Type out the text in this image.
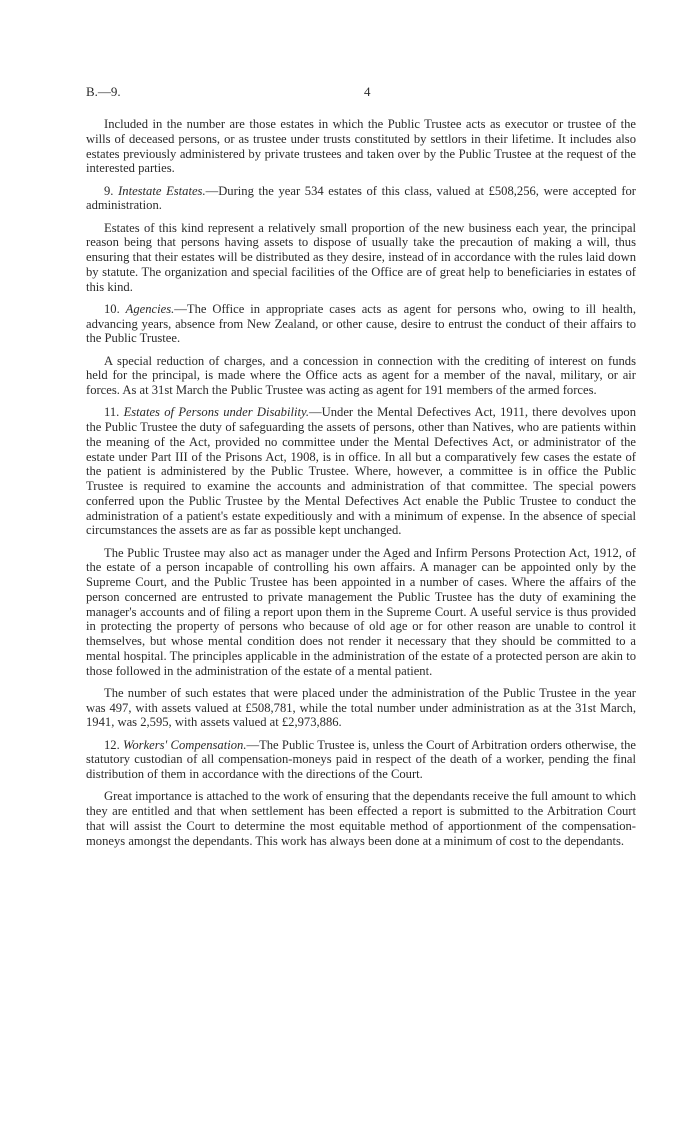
B.—9.	4

Included in the number are those estates in which the Public Trustee acts as executor or trustee of the wills of deceased persons, or as trustee under trusts constituted by settlors in their lifetime. It includes also estates previously administered by private trustees and taken over by the Public Trustee at the request of the interested parties.

9. Intestate Estates.—During the year 534 estates of this class, valued at £508,256, were accepted for administration.

Estates of this kind represent a relatively small proportion of the new business each year, the principal reason being that persons having assets to dispose of usually take the precaution of making a will, thus ensuring that their estates will be distributed as they desire, instead of in accordance with the rules laid down by statute. The organization and special facilities of the Office are of great help to beneficiaries in estates of this kind.

10. Agencies.—The Office in appropriate cases acts as agent for persons who, owing to ill health, advancing years, absence from New Zealand, or other cause, desire to entrust the conduct of their affairs to the Public Trustee.

A special reduction of charges, and a concession in connection with the crediting of interest on funds held for the principal, is made where the Office acts as agent for a member of the naval, military, or air forces. As at 31st March the Public Trustee was acting as agent for 191 members of the armed forces.

11. Estates of Persons under Disability.—Under the Mental Defectives Act, 1911, there devolves upon the Public Trustee the duty of safeguarding the assets of persons, other than Natives, who are patients within the meaning of the Act, provided no committee under the Mental Defectives Act, or administrator of the estate under Part III of the Prisons Act, 1908, is in office. In all but a comparatively few cases the estate of the patient is administered by the Public Trustee. Where, however, a committee is in office the Public Trustee is required to examine the accounts and administration of that committee. The special powers conferred upon the Public Trustee by the Mental Defectives Act enable the Public Trustee to conduct the administration of a patient's estate expeditiously and with a minimum of expense. In the absence of special circumstances the assets are as far as possible kept unchanged.

The Public Trustee may also act as manager under the Aged and Infirm Persons Protection Act, 1912, of the estate of a person incapable of controlling his own affairs. A manager can be appointed only by the Supreme Court, and the Public Trustee has been appointed in a number of cases. Where the affairs of the person concerned are entrusted to private management the Public Trustee has the duty of examining the manager's accounts and of filing a report upon them in the Supreme Court. A useful service is thus provided in protecting the property of persons who because of old age or for other reason are unable to control it themselves, but whose mental condition does not render it necessary that they should be committed to a mental hospital. The principles applicable in the administration of the estate of a protected person are akin to those followed in the administration of the estate of a mental patient.

The number of such estates that were placed under the administration of the Public Trustee in the year was 497, with assets valued at £508,781, while the total number under administration as at the 31st March, 1941, was 2,595, with assets valued at £2,973,886.

12. Workers' Compensation.—The Public Trustee is, unless the Court of Arbitration orders otherwise, the statutory custodian of all compensation-moneys paid in respect of the death of a worker, pending the final distribution of them in accordance with the directions of the Court.

Great importance is attached to the work of ensuring that the dependants receive the full amount to which they are entitled and that when settlement has been effected a report is submitted to the Arbitration Court that will assist the Court to determine the most equitable method of apportionment of the compensation-moneys amongst the dependants. This work has always been done at a minimum of cost to the dependants.
